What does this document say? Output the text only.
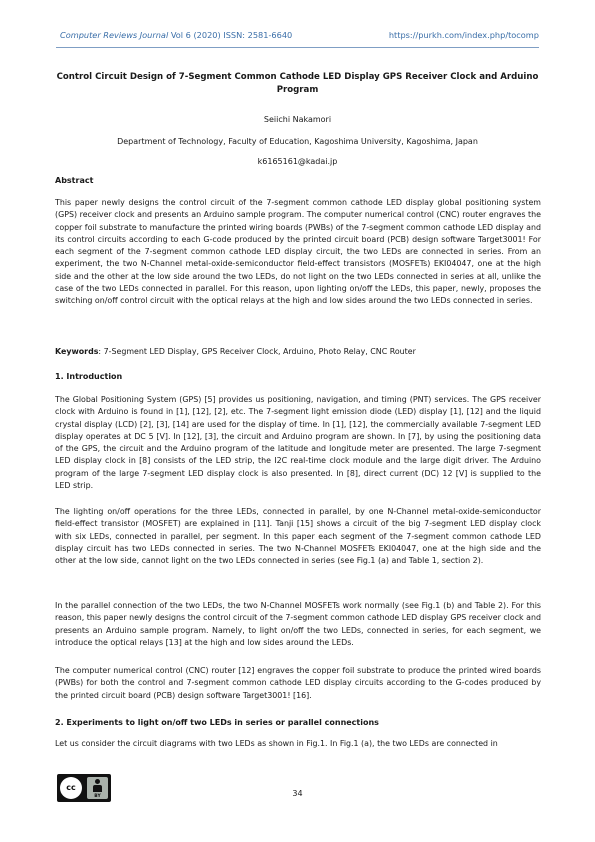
Computer Reviews Journal Vol 6 (2020) ISSN: 2581-6640	https://purkh.com/index.php/tocomp
Control Circuit Design of 7-Segment Common Cathode LED Display GPS Receiver Clock and Arduino Program
Seiichi Nakamori
Department of Technology, Faculty of Education, Kagoshima University, Kagoshima, Japan
k6165161@kadai.jp
Abstract
This paper newly designs the control circuit of the 7-segment common cathode LED display global positioning system (GPS) receiver clock and presents an Arduino sample program. The computer numerical control (CNC) router engraves the copper foil substrate to manufacture the printed wiring boards (PWBs) of the 7-segment common cathode LED display and its control circuits according to each G-code produced by the printed circuit board (PCB) design software Target3001! For each segment of the 7-segment common cathode LED display circuit, the two LEDs are connected in series. From an experiment, the two N-Channel metal-oxide-semiconductor field-effect transistors (MOSFETs) EKI04047, one at the high side and the other at the low side around the two LEDs, do not light on the two LEDs connected in series at all, unlike the case of the two LEDs connected in parallel. For this reason, upon lighting on/off the LEDs, this paper, newly, proposes the switching on/off control circuit with the optical relays at the high and low sides around the two LEDs connected in series.
Keywords: 7-Segment LED Display, GPS Receiver Clock, Arduino, Photo Relay, CNC Router
1. Introduction
The Global Positioning System (GPS) [5] provides us positioning, navigation, and timing (PNT) services. The GPS receiver clock with Arduino is found in [1], [12], [2], etc. The 7-segment light emission diode (LED) display [1], [12] and the liquid crystal display (LCD) [2], [3], [14] are used for the display of time. In [1], [12], the commercially available 7-segment LED display operates at DC 5 [V]. In [12], [3], the circuit and Arduino program are shown. In [7], by using the positioning data of the GPS, the circuit and the Arduino program of the latitude and longitude meter are presented. The large 7-segment LED display clock in [8] consists of the LED strip, the I2C real-time clock module and the large digit driver. The Arduino program of the large 7-segment LED display clock is also presented. In [8], direct current (DC) 12 [V] is supplied to the LED strip.
The lighting on/off operations for the three LEDs, connected in parallel, by one N-Channel metal-oxide-semiconductor field-effect transistor (MOSFET) are explained in [11]. Tanji [15] shows a circuit of the big 7-segment LED display clock with six LEDs, connected in parallel, per segment. In this paper each segment of the 7-segment common cathode LED display circuit has two LEDs connected in series. The two N-Channel MOSFETs EKI04047, one at the high side and the other at the low side, cannot light on the two LEDs connected in series (see Fig.1 (a) and Table 1, section 2).
In the parallel connection of the two LEDs, the two N-Channel MOSFETs work normally (see Fig.1 (b) and Table 2). For this reason, this paper newly designs the control circuit of the 7-segment common cathode LED display GPS receiver clock and presents an Arduino sample program. Namely, to light on/off the two LEDs, connected in series, for each segment, we introduce the optical relays [13] at the high and low sides around the LEDs.
The computer numerical control (CNC) router [12] engraves the copper foil substrate to produce the printed wired boards (PWBs) for both the control and 7-segment common cathode LED display circuits according to the G-codes produced by the printed circuit board (PCB) design software Target3001! [16].
2. Experiments to light on/off two LEDs in series or parallel connections
Let us consider the circuit diagrams with two LEDs as shown in Fig.1. In Fig.1 (a), the two LEDs are connected in
cc
BY	34
